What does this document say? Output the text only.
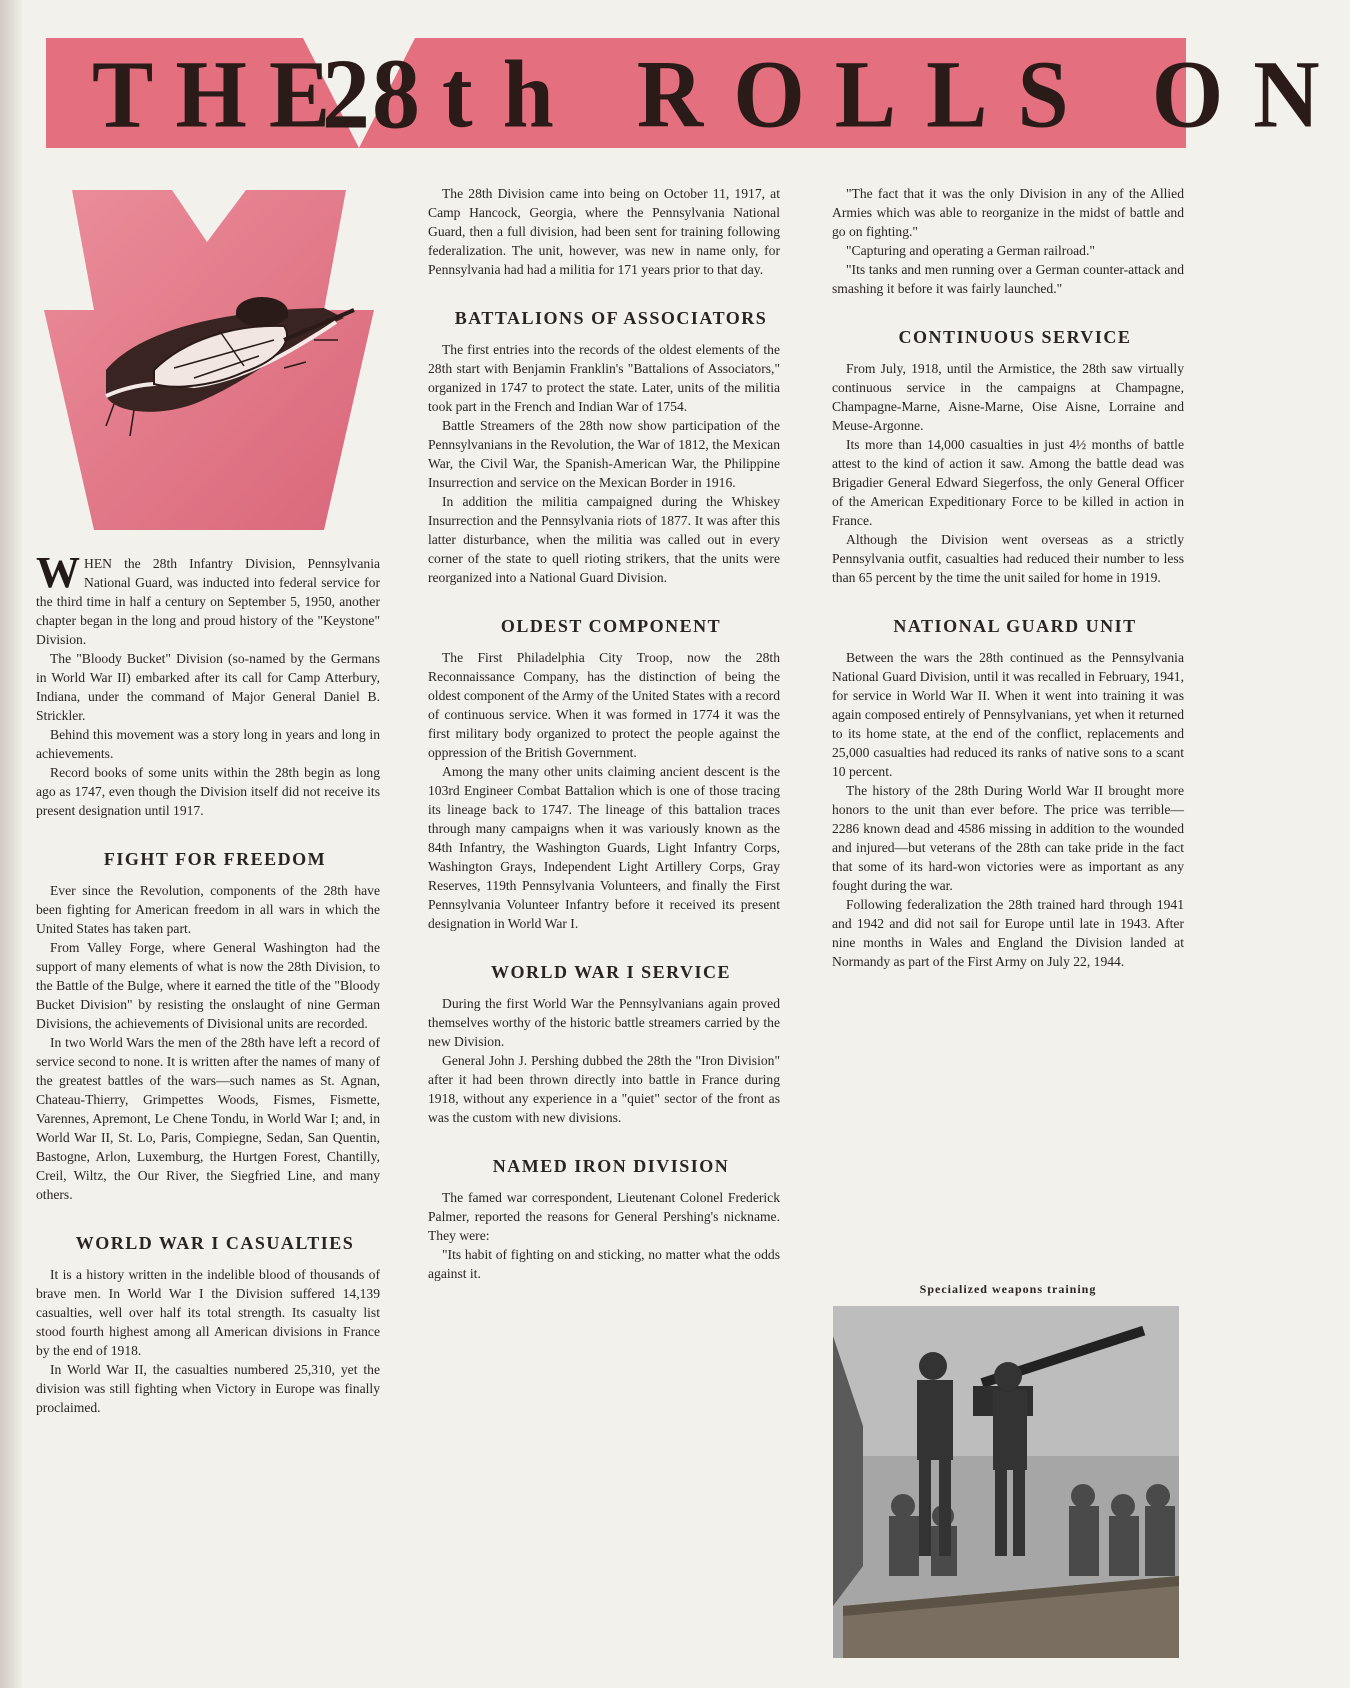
THE
28 th ROLLS ON

WHEN the 28th Infantry Division, Pennsylvania National Guard, was inducted into federal service for the third time in half a century on September 5, 1950, another chapter began in the long and proud history of the "Keystone" Division.

The "Bloody Bucket" Division (so-named by the Germans in World War II) embarked after its call for Camp Atterbury, Indiana, under the command of Major General Daniel B. Strickler.

Behind this movement was a story long in years and long in achievements.

Record books of some units within the 28th begin as long ago as 1747, even though the Division itself did not receive its present designation until 1917.

FIGHT FOR FREEDOM

Ever since the Revolution, components of the 28th have been fighting for American freedom in all wars in which the United States has taken part.

From Valley Forge, where General Washington had the support of many elements of what is now the 28th Division, to the Battle of the Bulge, where it earned the title of the "Bloody Bucket Division" by resisting the onslaught of nine German Divisions, the achievements of Divisional units are recorded.

In two World Wars the men of the 28th have left a record of service second to none. It is written after the names of many of the greatest battles of the wars—such names as St. Agnan, Chateau-Thierry, Grimpettes Woods, Fismes, Fismette, Varennes, Apremont, Le Chene Tondu, in World War I; and, in World War II, St. Lo, Paris, Compiegne, Sedan, San Quentin, Bastogne, Arlon, Luxemburg, the Hurtgen Forest, Chantilly, Creil, Wiltz, the Our River, the Siegfried Line, and many others.

WORLD WAR I CASUALTIES

It is a history written in the indelible blood of thousands of brave men. In World War I the Division suffered 14,139 casualties, well over half its total strength. Its casualty list stood fourth highest among all American divisions in France by the end of 1918.

In World War II, the casualties numbered 25,310, yet the division was still fighting when Victory in Europe was finally proclaimed.

The 28th Division came into being on October 11, 1917, at Camp Hancock, Georgia, where the Pennsylvania National Guard, then a full division, had been sent for training following federalization. The unit, however, was new in name only, for Pennsylvania had had a militia for 171 years prior to that day.

BATTALIONS OF ASSOCIATORS

The first entries into the records of the oldest elements of the 28th start with Benjamin Franklin's "Battalions of Associators," organized in 1747 to protect the state. Later, units of the militia took part in the French and Indian War of 1754.

Battle Streamers of the 28th now show participation of the Pennsylvanians in the Revolution, the War of 1812, the Mexican War, the Civil War, the Spanish-American War, the Philippine Insurrection and service on the Mexican Border in 1916.

In addition the militia campaigned during the Whiskey Insurrection and the Pennsylvania riots of 1877. It was after this latter disturbance, when the militia was called out in every corner of the state to quell rioting strikers, that the units were reorganized into a National Guard Division.

OLDEST COMPONENT

The First Philadelphia City Troop, now the 28th Reconnaissance Company, has the distinction of being the oldest component of the Army of the United States with a record of continuous service. When it was formed in 1774 it was the first military body organized to protect the people against the oppression of the British Government.

Among the many other units claiming ancient descent is the 103rd Engineer Combat Battalion which is one of those tracing its lineage back to 1747. The lineage of this battalion traces through many campaigns when it was variously known as the 84th Infantry, the Washington Guards, Light Infantry Corps, Washington Grays, Independent Light Artillery Corps, Gray Reserves, 119th Pennsylvania Volunteers, and finally the First Pennsylvania Volunteer Infantry before it received its present designation in World War I.

WORLD WAR I SERVICE

During the first World War the Pennsylvanians again proved themselves worthy of the historic battle streamers carried by the new Division.

General John J. Pershing dubbed the 28th the "Iron Division" after it had been thrown directly into battle in France during 1918, without any experience in a "quiet" sector of the front as was the custom with new divisions.

NAMED IRON DIVISION

The famed war correspondent, Lieutenant Colonel Frederick Palmer, reported the reasons for General Pershing's nickname. They were:

"Its habit of fighting on and sticking, no matter what the odds against it.

"The fact that it was the only Division in any of the Allied Armies which was able to reorganize in the midst of battle and go on fighting."

"Capturing and operating a German railroad."

"Its tanks and men running over a German counter-attack and smashing it before it was fairly launched."

CONTINUOUS SERVICE

From July, 1918, until the Armistice, the 28th saw virtually continuous service in the campaigns at Champagne, Champagne-Marne, Aisne-Marne, Oise Aisne, Lorraine and Meuse-Argonne.

Its more than 14,000 casualties in just 4½ months of battle attest to the kind of action it saw. Among the battle dead was Brigadier General Edward Siegerfoss, the only General Officer of the American Expeditionary Force to be killed in action in France.

Although the Division went overseas as a strictly Pennsylvania outfit, casualties had reduced their number to less than 65 percent by the time the unit sailed for home in 1919.

NATIONAL GUARD UNIT

Between the wars the 28th continued as the Pennsylvania National Guard Division, until it was recalled in February, 1941, for service in World War II. When it went into training it was again composed entirely of Pennsylvanians, yet when it returned to its home state, at the end of the conflict, replacements and 25,000 casualties had reduced its ranks of native sons to a scant 10 percent.

The history of the 28th During World War II brought more honors to the unit than ever before. The price was terrible—2286 known dead and 4586 missing in addition to the wounded and injured—but veterans of the 28th can take pride in the fact that some of its hard-won victories were as important as any fought during the war.

Following federalization the 28th trained hard through 1941 and 1942 and did not sail for Europe until late in 1943. After nine months in Wales and England the Division landed at Normandy as part of the First Army on July 22, 1944.

Specialized weapons training
